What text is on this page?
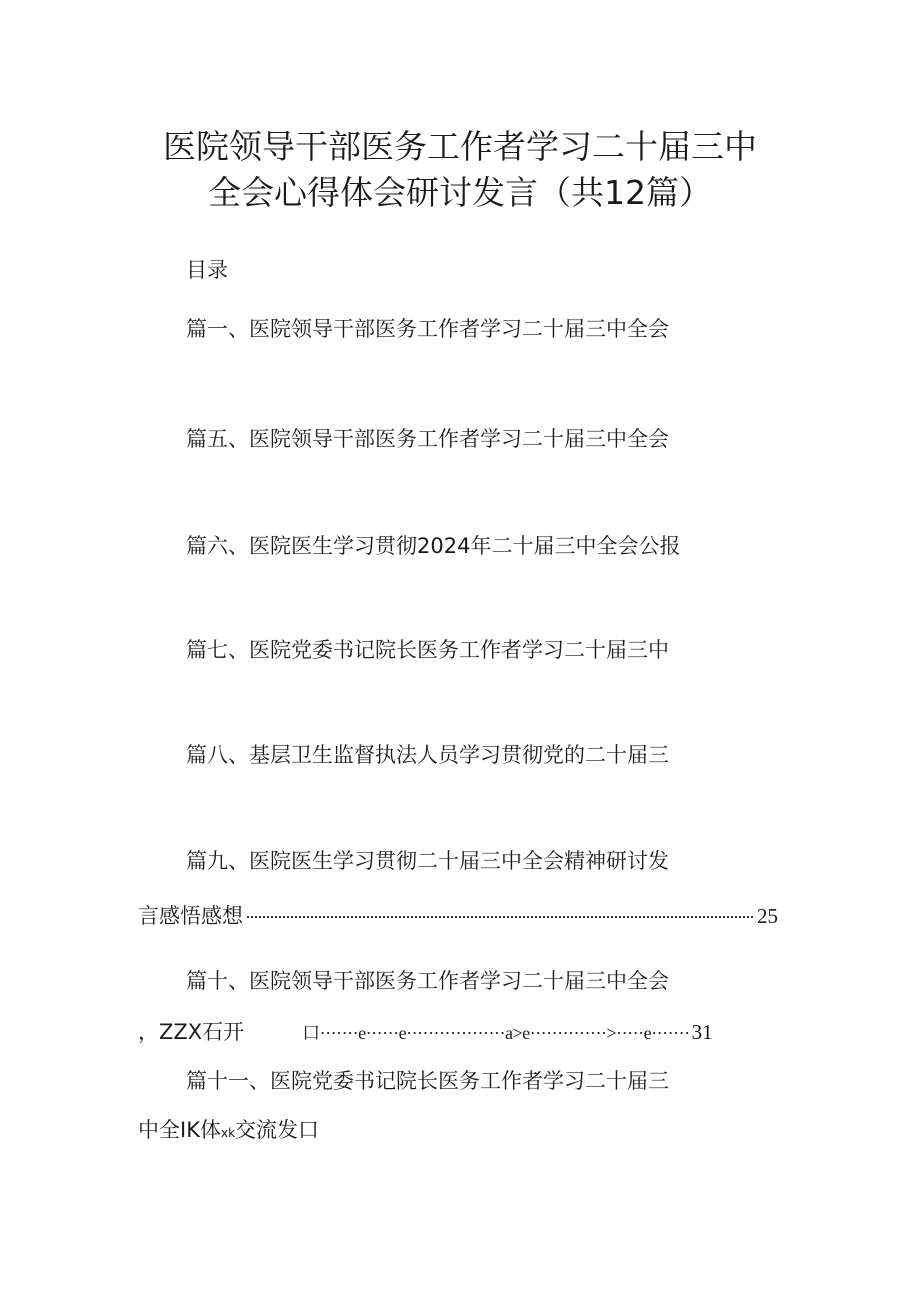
医院领导干部医务工作者学习二十届三中
全会心得体会研讨发言（共12篇）
目录
篇一、医院领导干部医务工作者学习二十届三中全会
篇五、医院领导干部医务工作者学习二十届三中全会
篇六、医院医生学习贯彻2024年二十届三中全会公报
篇七、医院党委书记院长医务工作者学习二十届三中
篇八、基层卫生监督执法人员学习贯彻党的二十届三
篇九、医院医生学习贯彻二十届三中全会精神研讨发
言感悟感想	25
篇十、医院领导干部医务工作者学习二十届三中全会
，ZZX石开	口·······e······e··················a>e··············>·····e······· 31
篇十一、医院党委书记院长医务工作者学习二十届三
中全IK体xk交流发口
